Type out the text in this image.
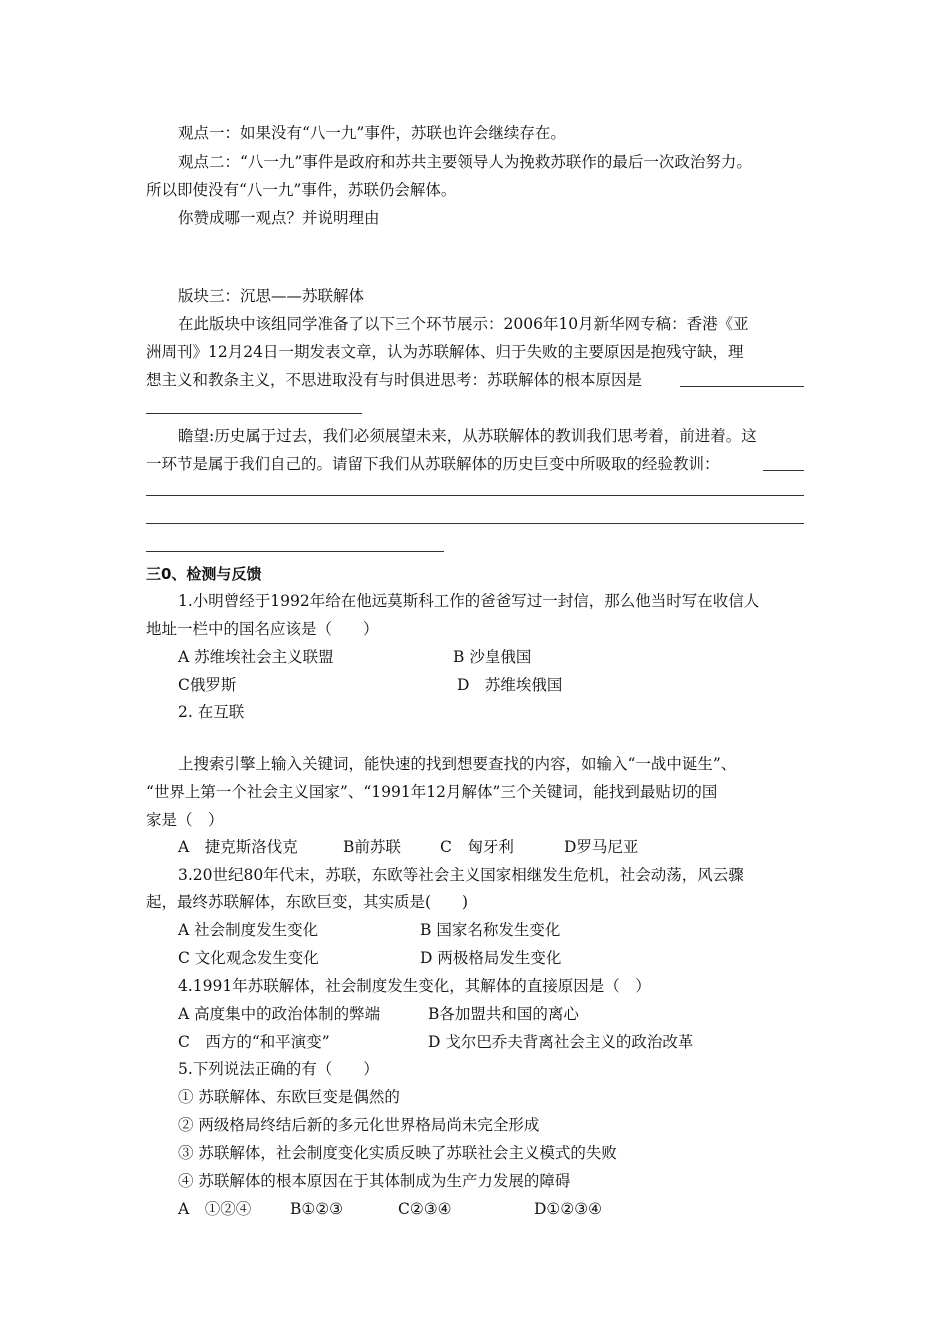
观点一：如果没有“八一九”事件，苏联也许会继续存在。
观点二：“八一九”事件是政府和苏共主要领导人为挽救苏联作的最后一次政治努力。
所以即使没有“八一九”事件，苏联仍会解体。
你赞成哪一观点？并说明理由
版块三：沉思——苏联解体
在此版块中该组同学准备了以下三个环节展示：2006年10月新华网专稿：香港《亚
洲周刊》12月24日一期发表文章，认为苏联解体、归于失败的主要原因是抱残守缺，理
想主义和教条主义，不思进取没有与时俱进思考：苏联解体的根本原因是
瞻望:历史属于过去，我们必须展望未来，从苏联解体的教训我们思考着，前进着。这
一环节是属于我们自己的。请留下我们从苏联解体的历史巨变中所吸取的经验教训：
三0、检测与反馈
1.小明曾经于1992年给在他远莫斯科工作的爸爸写过一封信，那么他当时写在收信人
地址一栏中的国名应该是（　　）
A 苏维埃社会主义联盟	B 沙皇俄国
C俄罗斯	D　苏维埃俄国
2. 在互联
上搜索引擎上输入关键词，能快速的找到想要查找的内容，如输入“一战中诞生”、
“世界上第一个社会主义国家”、“1991年12月解体”三个关键词，能找到最贴切的国
家是（　）
A　捷克斯洛伐克	B前苏联	C　匈牙利	D罗马尼亚
3.20世纪80年代末，苏联，东欧等社会主义国家相继发生危机，社会动荡，风云骤
起，最终苏联解体，东欧巨变，其实质是(　　)
A 社会制度发生变化	B 国家名称发生变化
C 文化观念发生变化	D 两极格局发生变化
4.1991年苏联解体，社会制度发生变化，其解体的直接原因是（　）
A 高度集中的政治体制的弊端	B各加盟共和国的离心
C　西方的“和平演变”	D 戈尔巴乔夫背离社会主义的政治改革
5.下列说法正确的有（　　）
① 苏联解体、东欧巨变是偶然的
② 两级格局终结后新的多元化世界格局尚未完全形成
③ 苏联解体，社会制度变化实质反映了苏联社会主义模式的失败
④ 苏联解体的根本原因在于其体制成为生产力发展的障碍
A　①②④	B①②③	C②③④	D①②③④
